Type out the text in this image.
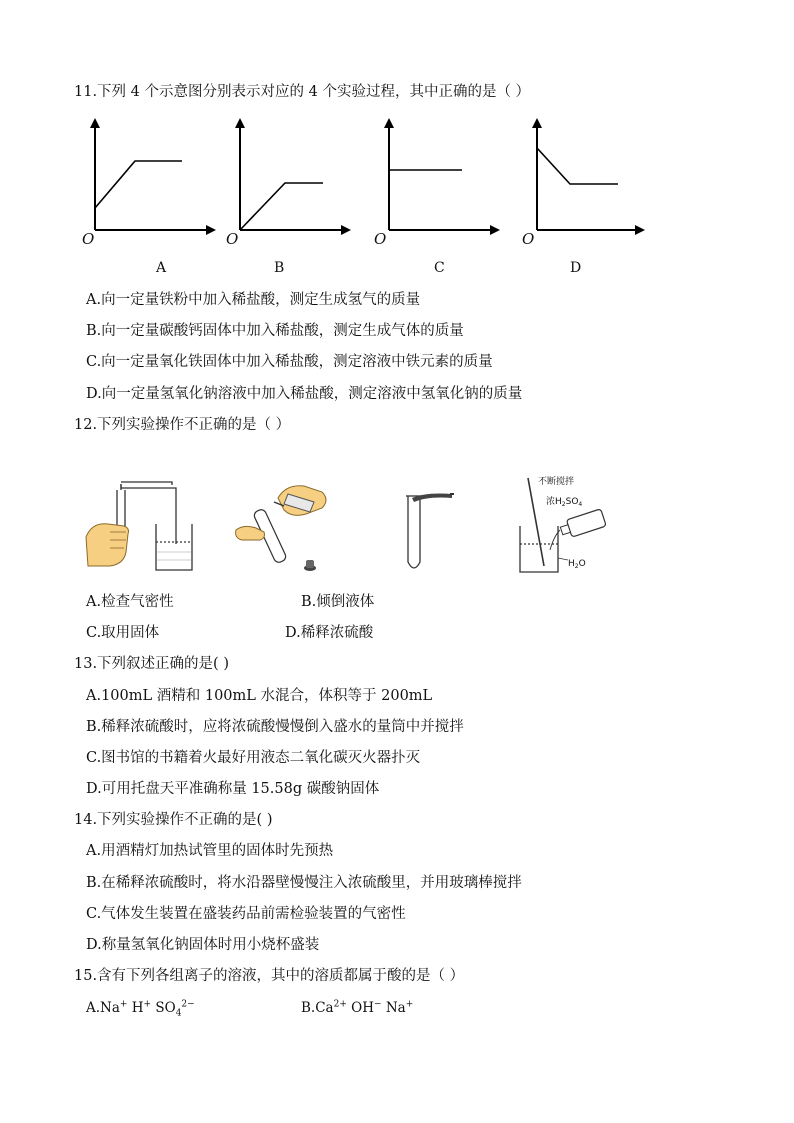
11.下列 4 个示意图分别表示对应的 4 个实验过程，其中正确的是（ ）
O
A
O
B
O
C
O
D
A.向一定量铁粉中加入稀盐酸，测定生成氢气的质量
B.向一定量碳酸钙固体中加入稀盐酸，测定生成气体的质量
C.向一定量氧化铁固体中加入稀盐酸，测定溶液中铁元素的质量
D.向一定量氢氧化钠溶液中加入稀盐酸，测定溶液中氢氧化钠的质量
12.下列实验操作不正确的是（ ）
不断搅拌
浓$H_2SO_4$
$H_2O$
A.检查气密性	B.倾倒液体
C.取用固体	D.稀释浓硫酸
13.下列叙述正确的是( )
A.100mL 酒精和 100mL 水混合，体积等于 200mL
B.稀释浓硫酸时，应将浓硫酸慢慢倒入盛水的量筒中并搅拌
C.图书馆的书籍着火最好用液态二氧化碳灭火器扑灭
D.可用托盘天平准确称量 15.58g 碳酸钠固体
14.下列实验操作不正确的是( )
A.用酒精灯加热试管里的固体时先预热
B.在稀释浓硫酸时，将水沿器壁慢慢注入浓硫酸里，并用玻璃棒搅拌
C.气体发生装置在盛装药品前需检验装置的气密性
D.称量氢氧化钠固体时用小烧杯盛装
15.含有下列各组离子的溶液，其中的溶质都属于酸的是（ ）
A.Na+ H+ $SO_4^{2-}$	$B.Ca^{2+}$ OH− Na+
